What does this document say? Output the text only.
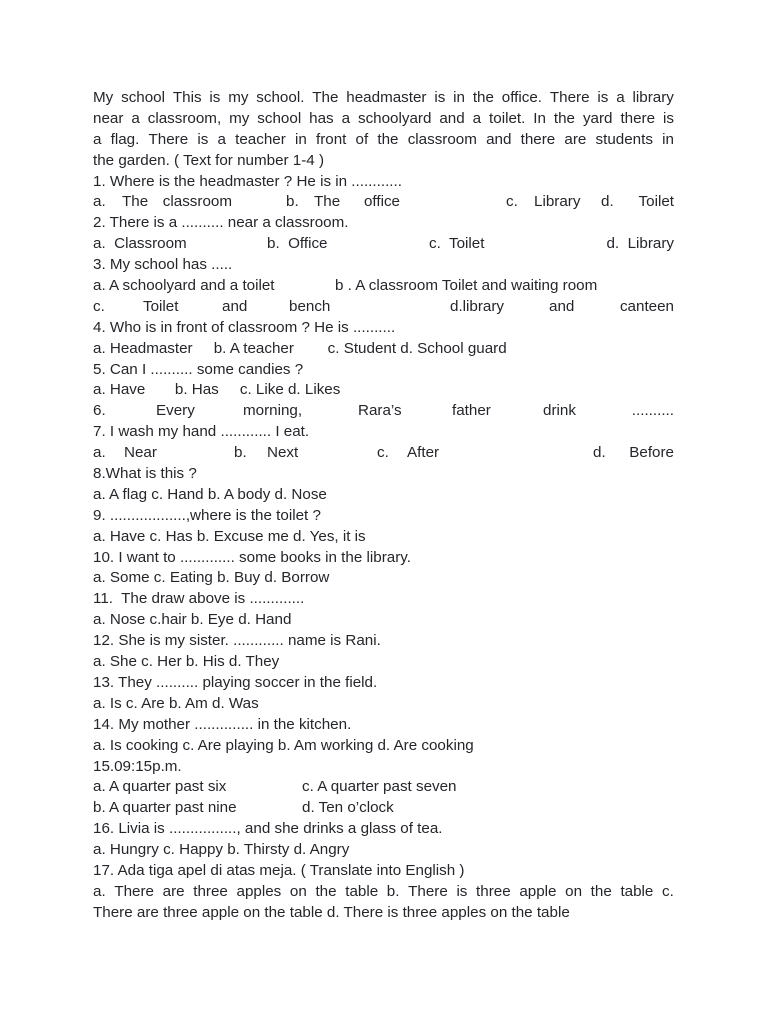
My school This is my school. The headmaster is in the office. There is a library
near a classroom, my school has a schoolyard and a toilet. In the yard there is
a flag. There is a teacher in front of the classroom and there are students in
the garden. ( Text for number 1-4 )
1. Where is the headmaster ? He is in ............
a. The classroom	b. The office	c. Library d. Toilet
2. There is a .......... near a classroom.
a.  Classroom	b.  Office	c.  Toilet	d.  Library
3. My school has .....
a. A schoolyard and a toilet	b . A classroom Toilet and waiting room
c.	Toilet	and	bench	d.library	and	canteen
4. Who is in front of classroom ? He is ..........
a. Headmaster     b. A teacher        c. Student d. School guard
5. Can I .......... some candies ?
a. Have       b. Has     c. Like d. Likes
6.	Every	morning,	Rara’s	father	drink	..........
7. I wash my hand ............ I eat.
a. Near	b. Next	c. After	d. Before
8.What is this ?
a. A flag c. Hand b. A body d. Nose
9. ..................,where is the toilet ?
a. Have c. Has b. Excuse me d. Yes, it is
10. I want to ............. some books in the library.
a. Some c. Eating b. Buy d. Borrow
11.  The draw above is .............
a. Nose c.hair b. Eye d. Hand
12. She is my sister. ............ name is Rani.
a. She c. Her b. His d. They
13. They .......... playing soccer in the field.
a. Is c. Are b. Am d. Was
14. My mother .............. in the kitchen.
a. Is cooking c. Are playing b. Am working d. Are cooking
15.09:15p.m.
a. A quarter past six	c. A quarter past seven
b. A quarter past nine	d. Ten o’clock
16. Livia is ................, and she drinks a glass of tea.
a. Hungry c. Happy b. Thirsty d. Angry
17. Ada tiga apel di atas meja. ( Translate into English )
a. There are three apples on the table b. There is three apple on the table c.
There are three apple on the table d. There is three apples on the table
